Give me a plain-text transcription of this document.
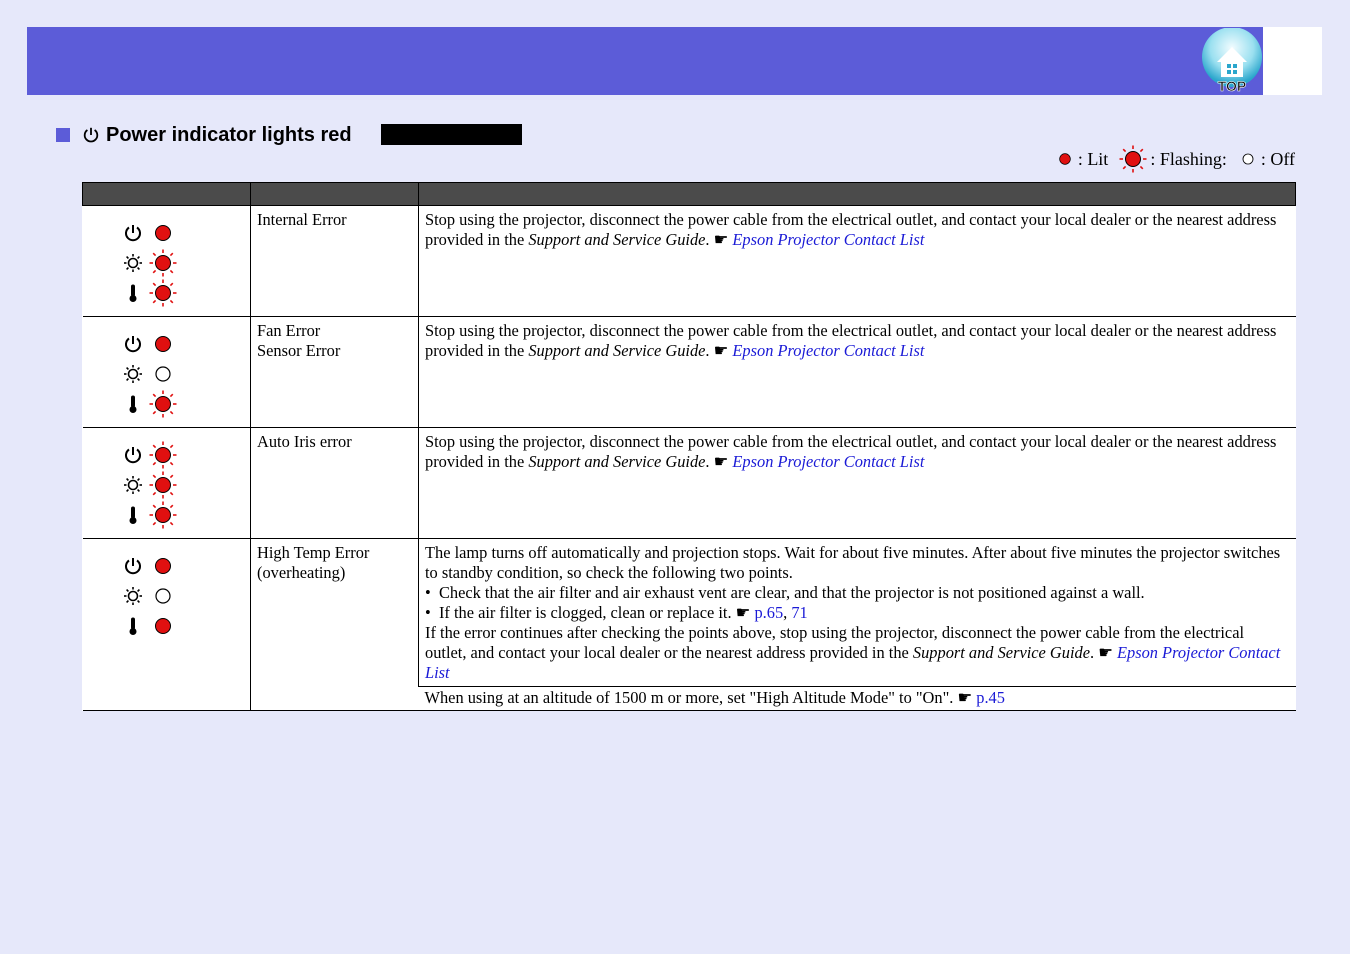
TOP
Power indicator lights red
: Lit : Flashing: : Off

Internal Error	Stop using the projector, disconnect the power cable from the electrical outlet, and contact your local dealer or the nearest address provided in the Support and Service Guide. ☛ Epson Projector Contact List

Fan Error
Sensor Error	Stop using the projector, disconnect the power cable from the electrical outlet, and contact your local dealer or the nearest address provided in the Support and Service Guide. ☛ Epson Projector Contact List

Auto Iris error	Stop using the projector, disconnect the power cable from the electrical outlet, and contact your local dealer or the nearest address provided in the Support and Service Guide. ☛ Epson Projector Contact List

High Temp Error
(overheating)	The lamp turns off automatically and projection stops. Wait for about five minutes. After about five minutes the projector switches to standby condition, so check the following two points.
•  Check that the air filter and air exhaust vent are clear, and that the projector is not positioned against a wall.
•  If the air filter is clogged, clean or replace it. ☛ p.65, 71
If the error continues after checking the points above, stop using the projector, disconnect the power cable from the electrical outlet, and contact your local dealer or the nearest address provided in the Support and Service Guide. ☛ Epson Projector Contact List

		When using at an altitude of 1500 m or more, set "High Altitude Mode" to "On". ☛ p.45
